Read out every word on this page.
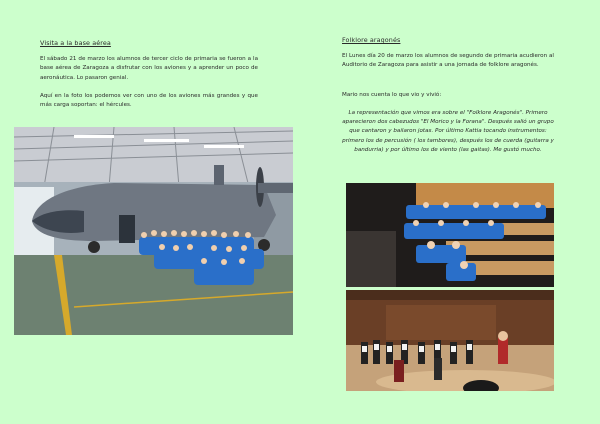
Visita a la base aérea

El sábado 21 de marzo los alumnos de tercer ciclo de primaria se fueron a la base aérea de Zaragoza a disfrutar con los aviones y a aprender un poco de aeronáutica. Lo pasaron genial.

Aquí en la foto los podemos ver con uno de los aviones más grandes y que más carga soportan: el hércules.

Folklore aragonés

El Lunes día 20 de marzo los alumnos de segundo de primaria acudieron al Auditorio de Zaragoza para asistir a una jornada de folklore aragonés.

Mario nos cuenta lo que vio y vivió:

La representación que vimos era sobre el "Folklore Aragonés". Primero aparecieron dos cabezudos "El Morico y la Forana". Después salió un grupo que cantaron y bailaron jotas. Por último Kattia tocando instrumentos: primero los de percusión ( los tambores), después los de cuerda (guitarra y bandurria) y por último los de viento (las gaitas). Me gustó mucho.
